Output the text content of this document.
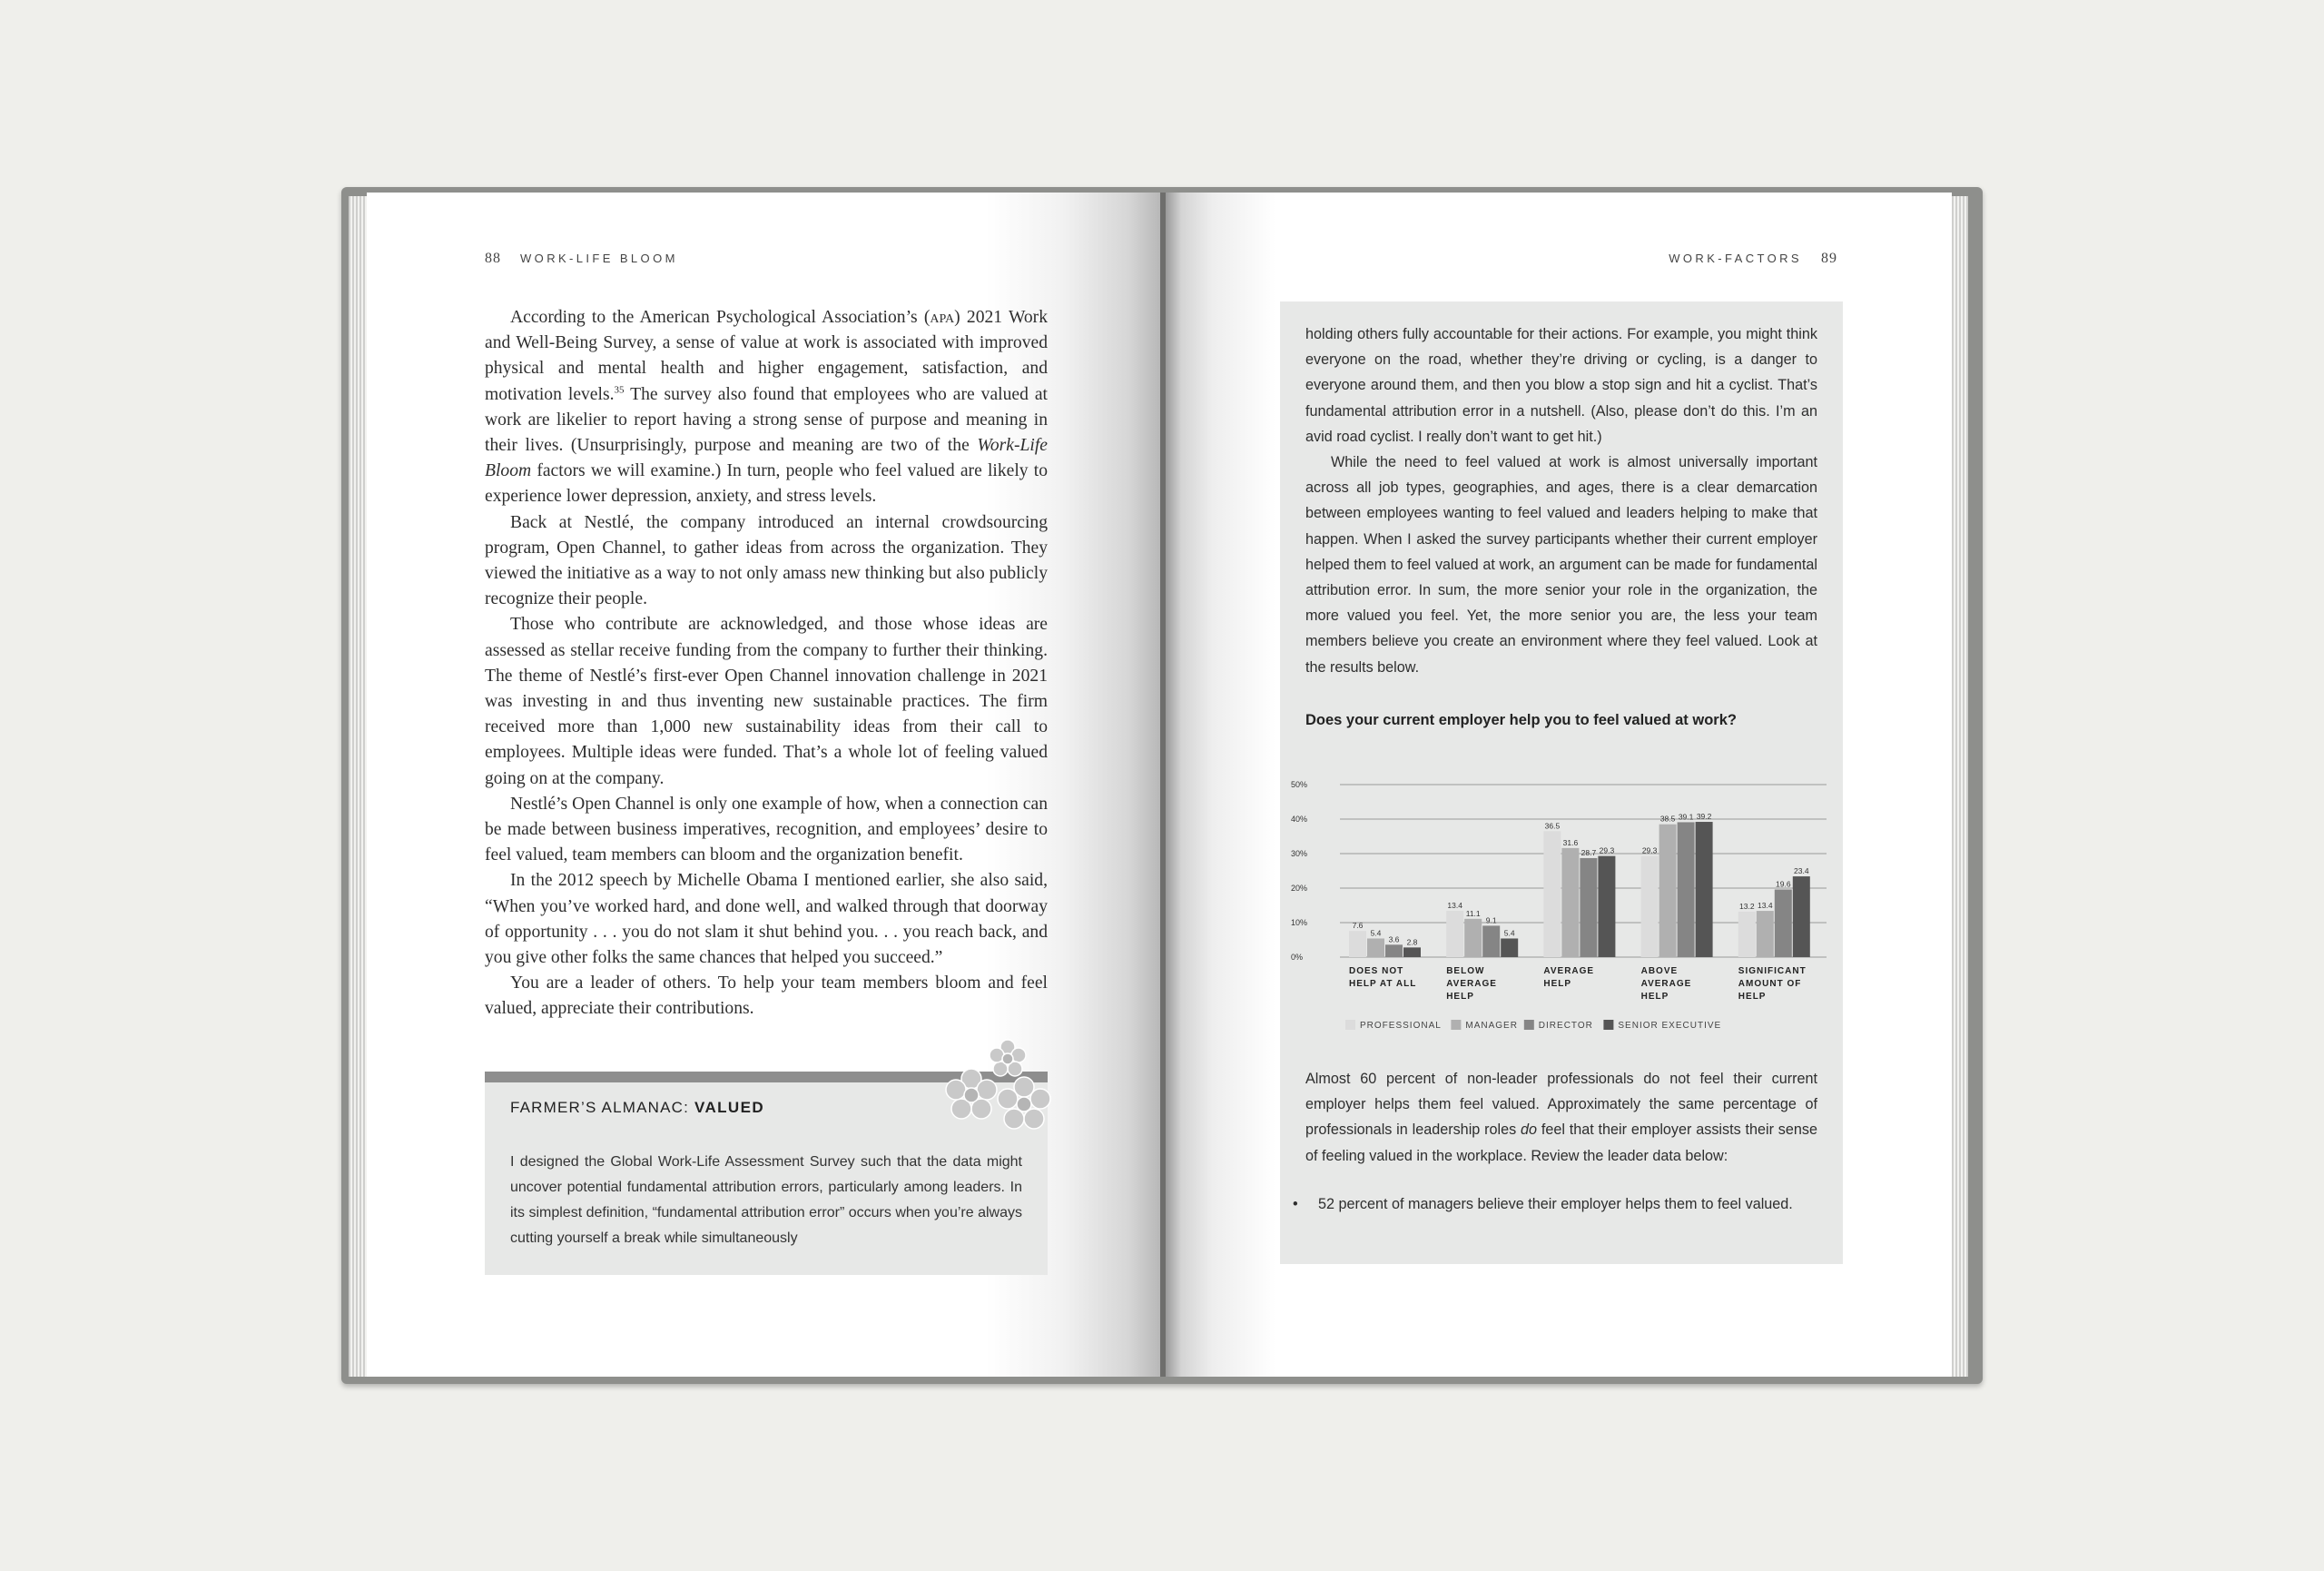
88 WORK-LIFE BLOOM

According to the American Psychological Association’s (apa) 2021 Work and Well-Being Survey, a sense of value at work is associated with improved physical and mental health and higher engagement, satisfaction, and motivation levels.$^{35}$ The survey also found that employees who are valued at work are likelier to report having a strong sense of purpose and meaning in their lives. (Unsurprisingly, purpose and meaning are two of the Work-Life Bloom factors we will examine.) In turn, people who feel valued are likely to experience lower depression, anxiety, and stress levels.

Back at Nestlé, the company introduced an internal crowdsourcing program, Open Channel, to gather ideas from across the organization. They viewed the initiative as a way to not only amass new thinking but also publicly recognize their people.

Those who contribute are acknowledged, and those whose ideas are assessed as stellar receive funding from the company to further their thinking. The theme of Nestlé’s first-ever Open Channel innovation challenge in 2021 was investing in and thus inventing new sustainable practices. The firm received more than 1,000 new sustainability ideas from their call to employees. Multiple ideas were funded. That’s a whole lot of feeling valued going on at the company.

Nestlé’s Open Channel is only one example of how, when a connection can be made between business imperatives, recognition, and employees’ desire to feel valued, team members can bloom and the organization benefit.

In the 2012 speech by Michelle Obama I mentioned earlier, she also said, “When you’ve worked hard, and done well, and walked through that doorway of opportunity . . . you do not slam it shut behind you. . . you reach back, and you give other folks the same chances that helped you succeed.”

You are a leader of others. To help your team members bloom and feel valued, appreciate their contributions.

FARMER’S ALMANAC: VALUED
I designed the Global Work-Life Assessment Survey such that the data might uncover potential fundamental attribution errors, particularly among leaders. In its simplest definition, “fundamental attribution error” occurs when you’re always cutting yourself a break while simultaneously
WORK-FACTORS 89

holding others fully accountable for their actions. For example, you might think everyone on the road, whether they’re driving or cycling, is a danger to everyone around them, and then you blow a stop sign and hit a cyclist. That’s fundamental attribution error in a nutshell. (Also, please don’t do this. I’m an avid road cyclist. I really don’t want to get hit.)

While the need to feel valued at work is almost universally important across all job types, geographies, and ages, there is a clear demarcation between employees wanting to feel valued and leaders helping to make that happen. When I asked the survey participants whether their current employer helped them to feel valued at work, an argument can be made for fundamental attribution error. In sum, the more senior your role in the organization, the more valued you feel. Yet, the more senior you are, the less your team members believe you create an environment where they feel valued. Look at the results below.

Does your current employer help you to feel valued at work?
0%
10%
20%
30%
40%
50%
7.6
5.4
3.6 2.8
DOES NOT
HELP AT ALL
13.4
11.1
9.1
5.4
BELOW
AVERAGE
HELP
36.5
31.6
28.7 29.3
AVERAGE
HELP
29.3
38.5 39.1 39.2
ABOVE
AVERAGE
HELP
13.2 13.4
19.6
23.4
SIGNIFICANT
AMOUNT OF
HELP
PROFESSIONAL	MANAGER DIRECTOR	SENIOR EXECUTIVE

Almost 60 percent of non-leader professionals do not feel their current employer helps them feel valued. Approximately the same percentage of professionals in leadership roles do feel that their employer assists their sense of feeling valued in the workplace. Review the leader data below:

• 52 percent of managers believe their employer helps them to feel valued.
